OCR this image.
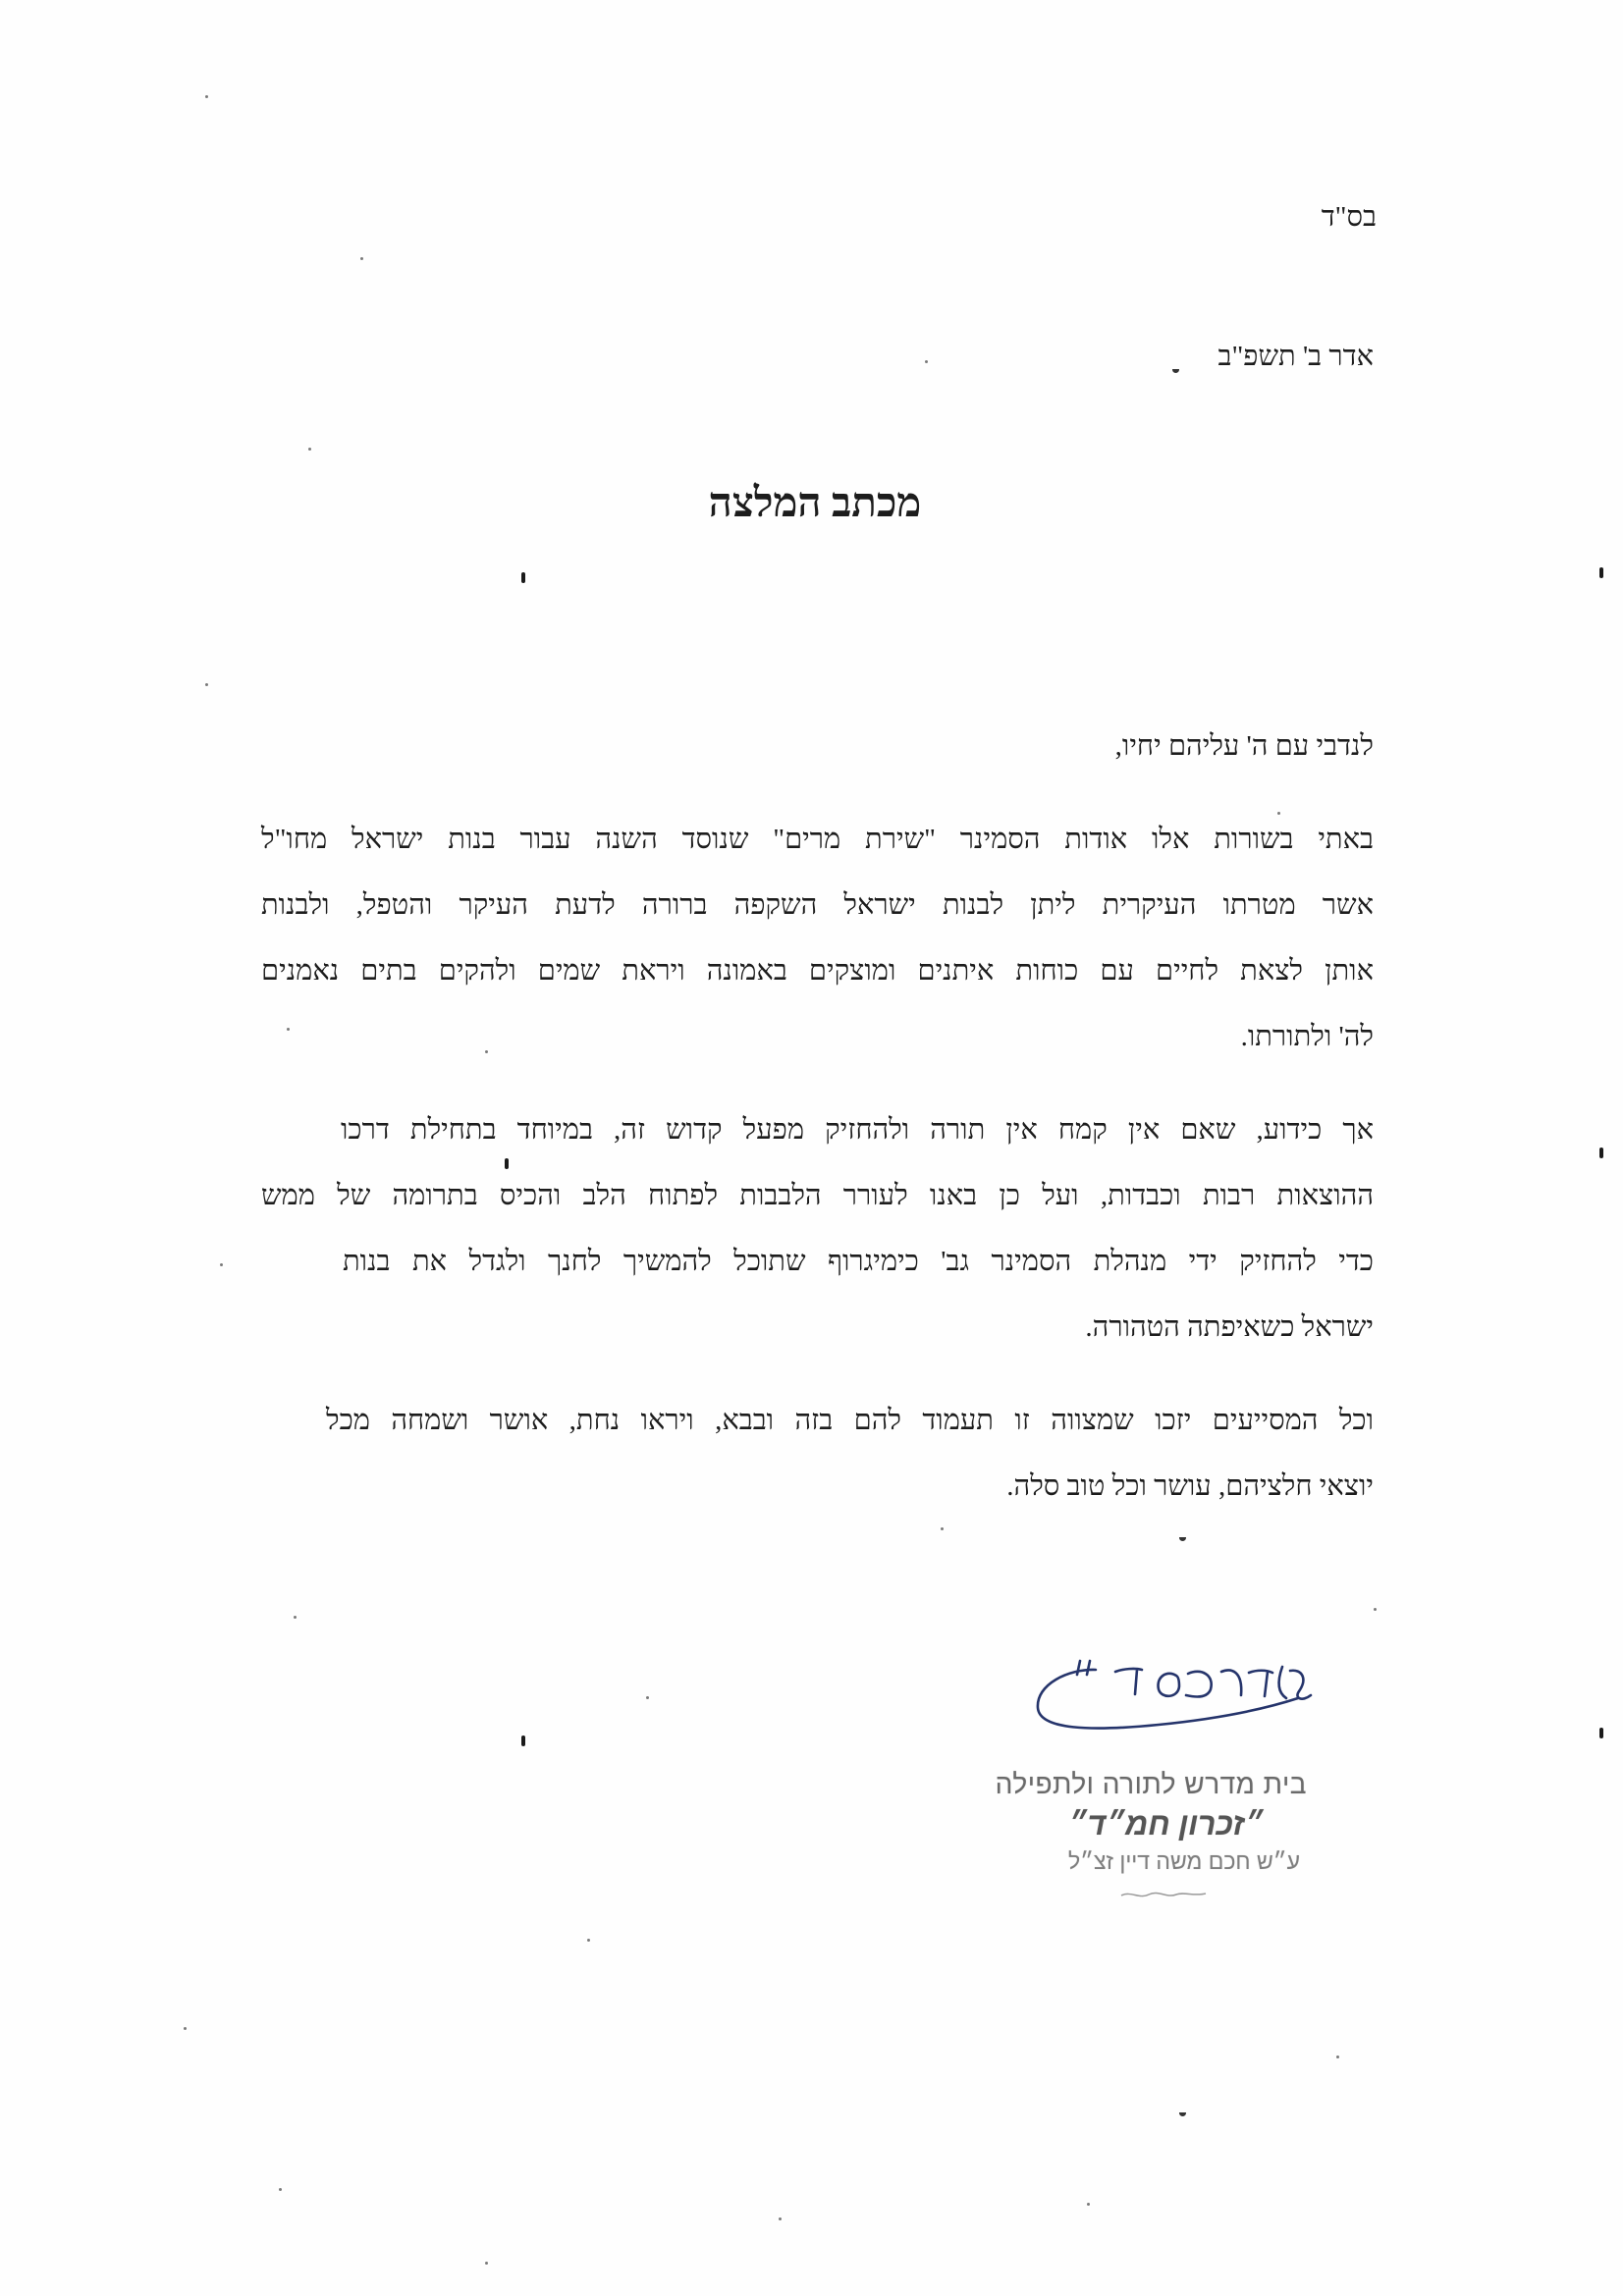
בס"ד
אדר ב' תשפ"ב
מכתב המלצה
לנדבי עם ה' עליהם יחיו,
באתי בשורות אלו אודות הסמינר "שירת מרים" שנוסד השנה עבור בנות ישראל מחו"ל
אשר מטרתו העיקרית ליתן לבנות ישראל השקפה ברורה לדעת העיקר והטפל, ולבנות
אותן לצאת לחיים עם כוחות איתנים ומוצקים באמונה ויראת שמים ולהקים בתים נאמנים
לה' ולתורתו.
אך כידוע, שאם אין קמח אין תורה ולהחזיק מפעל קדוש זה, במיוחד בתחילת דרכו
ההוצאות רבות וכבדות, ועל כן באנו לעורר הלבבות לפתוח הלב והכיס בתרומה של ממש
כדי להחזיק ידי מנהלת הסמינר גב' כימיגרוף שתוכל להמשיך לחנך ולגדל את בנות
ישראל כשאיפתה הטהורה.
וכל המסייעים יזכו שמצווה זו תעמוד להם בזה ובבא, ויראו נחת, אושר ושמחה מכל
יוצאי חלציהם, עושר וכל טוב סלה.
בית מדרש לתורה ולתפילה
״זכרון חמ״ד״
ע״ש חכם משה דיין זצ״ל
